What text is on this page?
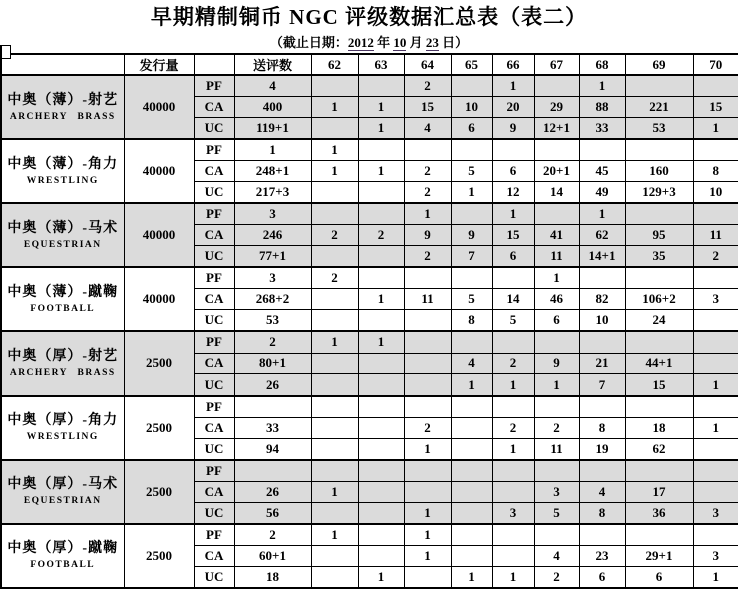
早期精制铜币 NGC 评级数据汇总表（表二）
（截止日期：2012 年 10 月 23 日）
	发行量		送评数	62	63	64	65	66	67	68	69	70

中奥（薄）-射艺
ARCHERY BRASS	40000	PF	4			2		1		1		
		CA	400	1	1	15	10	20	29	88	221	15
		UC	119+1		1	4	6	9	12+1	33	53	1

中奥（薄）-角力
WRESTLING	40000	PF	1	1								
		CA	248+1	1	1	2	5	6	20+1	45	160	8
		UC	217+3			2	1	12	14	49	129+3	10

中奥（薄）-马术
EQUESTRIAN	40000	PF	3			1		1		1		
		CA	246	2	2	9	9	15	41	62	95	11
		UC	77+1			2	7	6	11	14+1	35	2

中奥（薄）-蹴鞠
FOOTBALL	40000	PF	3	2					1			
		CA	268+2		1	11	5	14	46	82	106+2	3
		UC	53				8	5	6	10	24	

中奥（厚）-射艺
ARCHERY BRASS	2500	PF	2	1	1							
		CA	80+1				4	2	9	21	44+1	
		UC	26				1	1	1	7	15	1

中奥（厚）-角力
WRESTLING	2500	PF										
		CA	33			2		2	2	8	18	1
		UC	94			1		1	11	19	62	

中奥（厚）-马术
EQUESTRIAN	2500	PF										
		CA	26	1					3	4	17	
		UC	56			1		3	5	8	36	3

中奥（厚）-蹴鞠
FOOTBALL	2500	PF	2	1		1						
		CA	60+1			1			4	23	29+1	3
		UC	18		1		1	1	2	6	6	1
